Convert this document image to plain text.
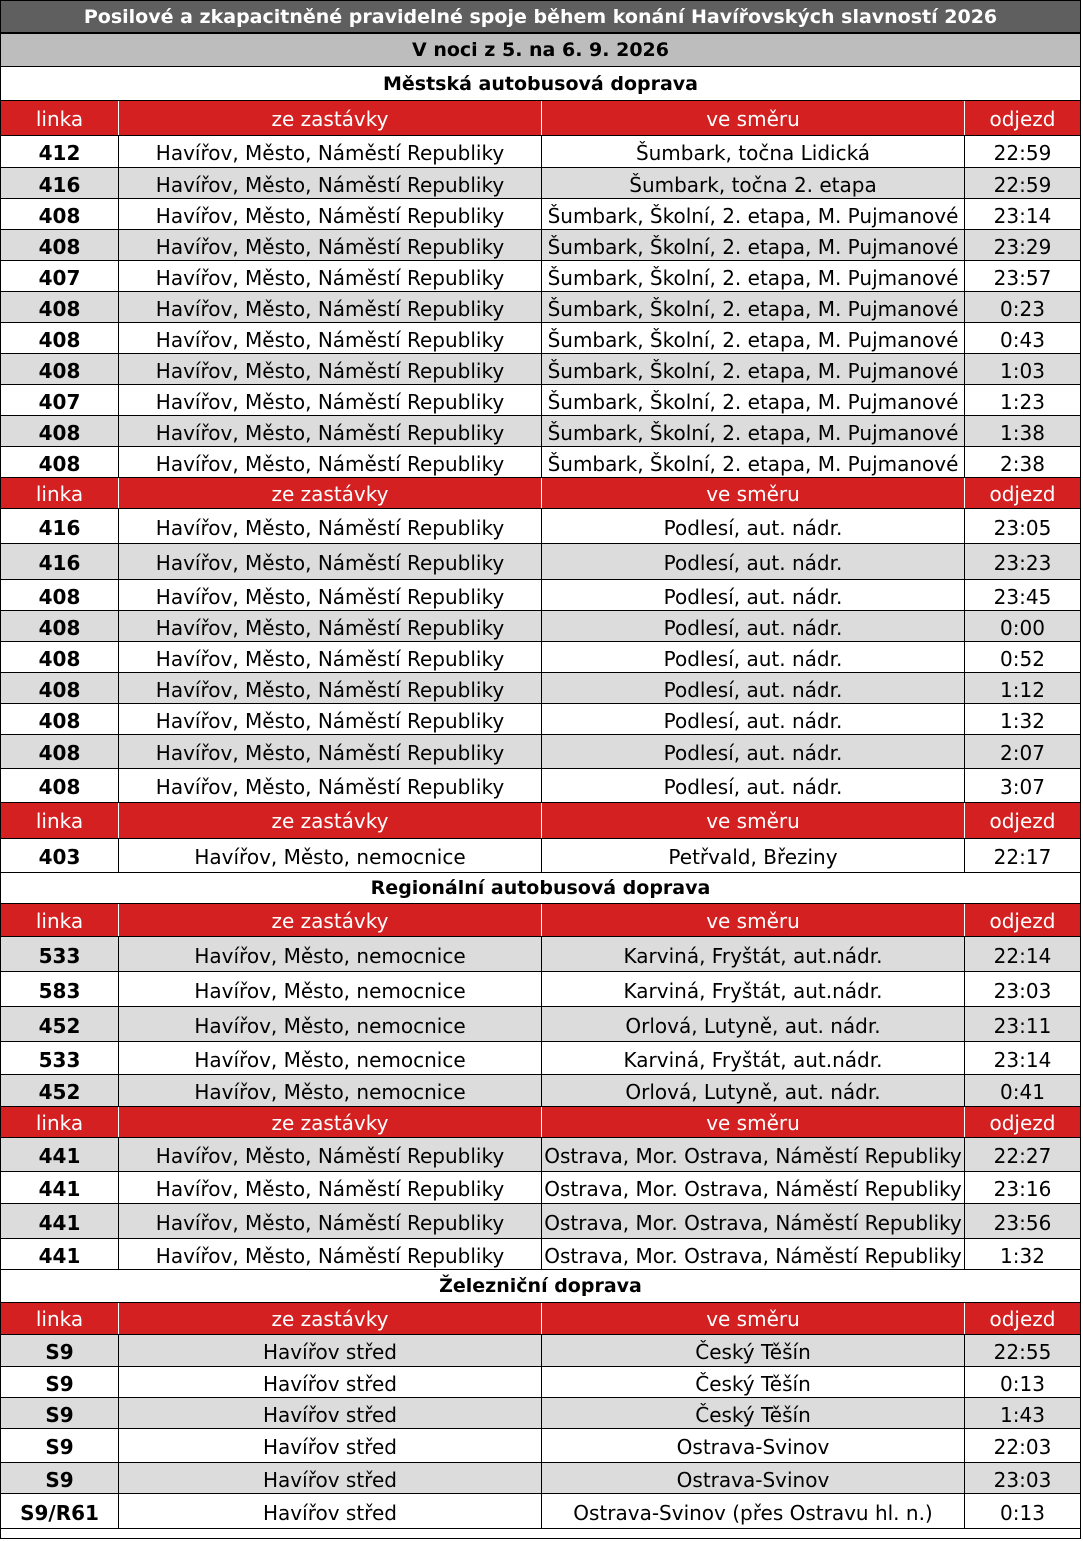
Posilové a zkapacitněné pravidelné spoje během konání Havířovských slavností 2026
V noci z 5. na 6. 9. 2026
Městská autobusová doprava
linka	ze zastávky	ve směru	odjezd
412	Havířov, Město, Náměstí Republiky	Šumbark, točna Lidická	22:59
416	Havířov, Město, Náměstí Republiky	Šumbark, točna 2. etapa	22:59
408	Havířov, Město, Náměstí Republiky	Šumbark, Školní, 2. etapa, M. Pujmanové	23:14
408	Havířov, Město, Náměstí Republiky	Šumbark, Školní, 2. etapa, M. Pujmanové	23:29
407	Havířov, Město, Náměstí Republiky	Šumbark, Školní, 2. etapa, M. Pujmanové	23:57
408	Havířov, Město, Náměstí Republiky	Šumbark, Školní, 2. etapa, M. Pujmanové	0:23
408	Havířov, Město, Náměstí Republiky	Šumbark, Školní, 2. etapa, M. Pujmanové	0:43
408	Havířov, Město, Náměstí Republiky	Šumbark, Školní, 2. etapa, M. Pujmanové	1:03
407	Havířov, Město, Náměstí Republiky	Šumbark, Školní, 2. etapa, M. Pujmanové	1:23
408	Havířov, Město, Náměstí Republiky	Šumbark, Školní, 2. etapa, M. Pujmanové	1:38
408	Havířov, Město, Náměstí Republiky	Šumbark, Školní, 2. etapa, M. Pujmanové	2:38
linka	ze zastávky	ve směru	odjezd
416	Havířov, Město, Náměstí Republiky	Podlesí, aut. nádr.	23:05
416	Havířov, Město, Náměstí Republiky	Podlesí, aut. nádr.	23:23
408	Havířov, Město, Náměstí Republiky	Podlesí, aut. nádr.	23:45
408	Havířov, Město, Náměstí Republiky	Podlesí, aut. nádr.	0:00
408	Havířov, Město, Náměstí Republiky	Podlesí, aut. nádr.	0:52
408	Havířov, Město, Náměstí Republiky	Podlesí, aut. nádr.	1:12
408	Havířov, Město, Náměstí Republiky	Podlesí, aut. nádr.	1:32
408	Havířov, Město, Náměstí Republiky	Podlesí, aut. nádr.	2:07
408	Havířov, Město, Náměstí Republiky	Podlesí, aut. nádr.	3:07
linka	ze zastávky	ve směru	odjezd
403	Havířov, Město, nemocnice	Petřvald, Březiny	22:17
Regionální autobusová doprava
linka	ze zastávky	ve směru	odjezd
533	Havířov, Město, nemocnice	Karviná, Fryštát, aut.nádr.	22:14
583	Havířov, Město, nemocnice	Karviná, Fryštát, aut.nádr.	23:03
452	Havířov, Město, nemocnice	Orlová, Lutyně, aut. nádr.	23:11
533	Havířov, Město, nemocnice	Karviná, Fryštát, aut.nádr.	23:14
452	Havířov, Město, nemocnice	Orlová, Lutyně, aut. nádr.	0:41
linka	ze zastávky	ve směru	odjezd
441	Havířov, Město, Náměstí Republiky	Ostrava, Mor. Ostrava, Náměstí Republiky	22:27
441	Havířov, Město, Náměstí Republiky	Ostrava, Mor. Ostrava, Náměstí Republiky	23:16
441	Havířov, Město, Náměstí Republiky	Ostrava, Mor. Ostrava, Náměstí Republiky	23:56
441	Havířov, Město, Náměstí Republiky	Ostrava, Mor. Ostrava, Náměstí Republiky	1:32
Železniční doprava
linka	ze zastávky	ve směru	odjezd
S9	Havířov střed	Český Těšín	22:55
S9	Havířov střed	Český Těšín	0:13
S9	Havířov střed	Český Těšín	1:43
S9	Havířov střed	Ostrava-Svinov	22:03
S9	Havířov střed	Ostrava-Svinov	23:03
S9/R61	Havířov střed	Ostrava-Svinov (přes Ostravu hl. n.)	0:13
